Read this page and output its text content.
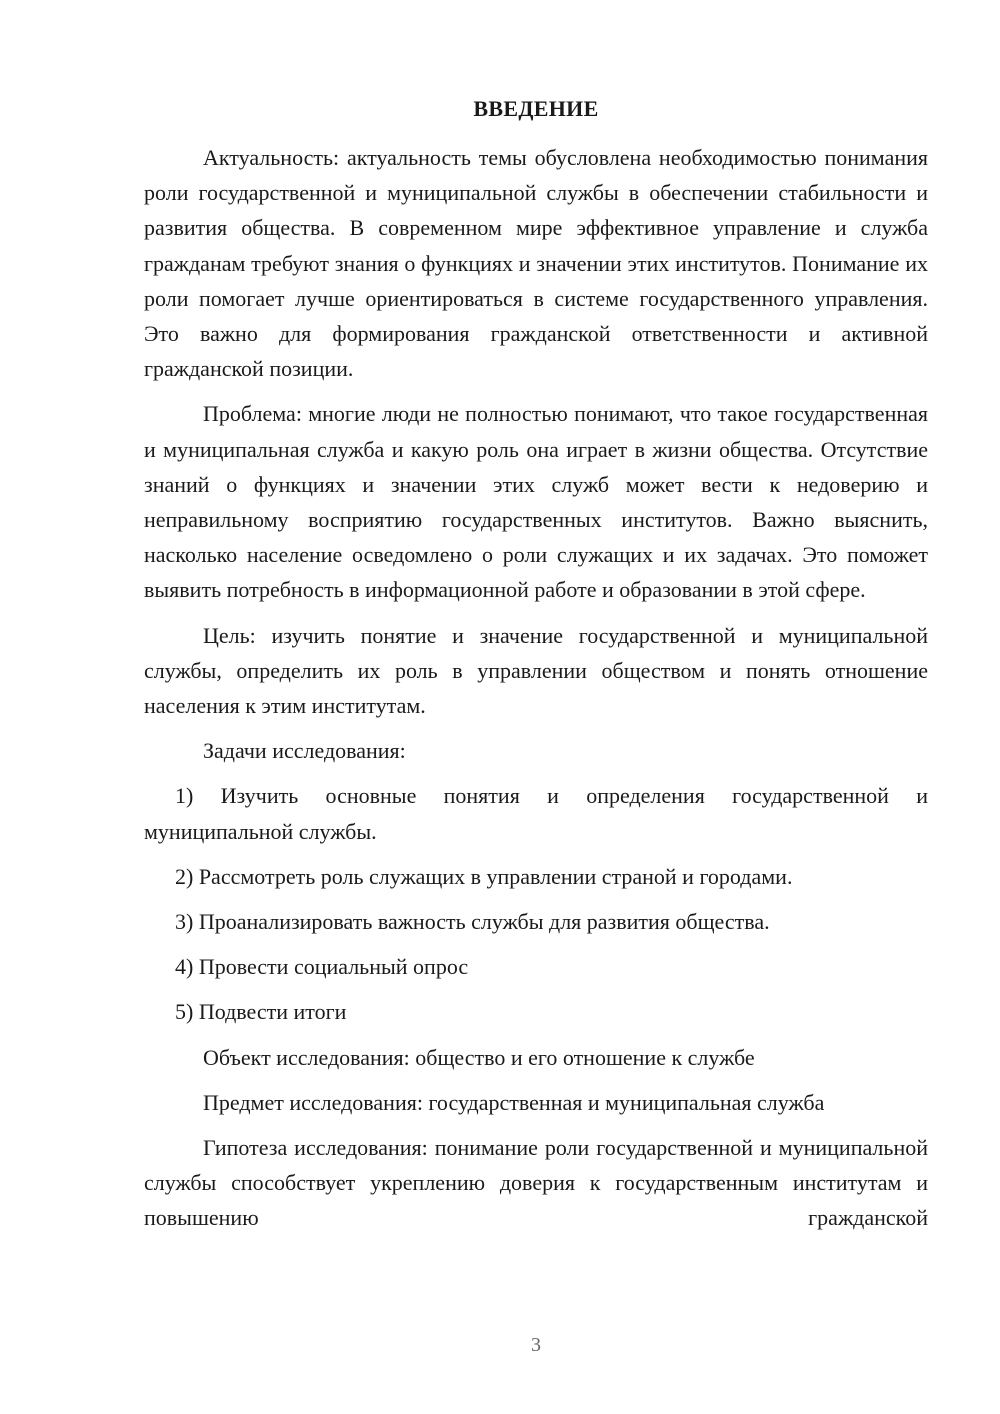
ВВЕДЕНИЕ

Актуальность: актуальность темы обусловлена необходимостью понимания роли государственной и муниципальной службы в обеспечении стабильности и развития общества. В современном мире эффективное управление и служба гражданам требуют знания о функциях и значении этих институтов. Понимание их роли помогает лучше ориентироваться в системе государственного управления. Это важно для формирования гражданской ответственности и активной гражданской позиции.

Проблема: многие люди не полностью понимают, что такое государственная и муниципальная служба и какую роль она играет в жизни общества. Отсутствие знаний о функциях и значении этих служб может вести к недоверию и неправильному восприятию государственных институтов. Важно выяснить, насколько население осведомлено о роли служащих и их задачах. Это поможет выявить потребность в информационной работе и образовании в этой сфере.

Цель: изучить понятие и значение государственной и муниципальной службы, определить их роль в управлении обществом и понять отношение населения к этим институтам.

Задачи исследования:

1) Изучить основные понятия и определения государственной и муниципальной службы.

2) Рассмотреть роль служащих в управлении страной и городами.

3) Проанализировать важность службы для развития общества.

4) Провести социальный опрос

5) Подвести итоги

Объект исследования: общество и его отношение к службе

Предмет исследования: государственная и муниципальная служба

Гипотеза исследования: понимание роли государственной и муниципальной службы способствует укреплению доверия к государственным институтам и повышению гражданской

3
